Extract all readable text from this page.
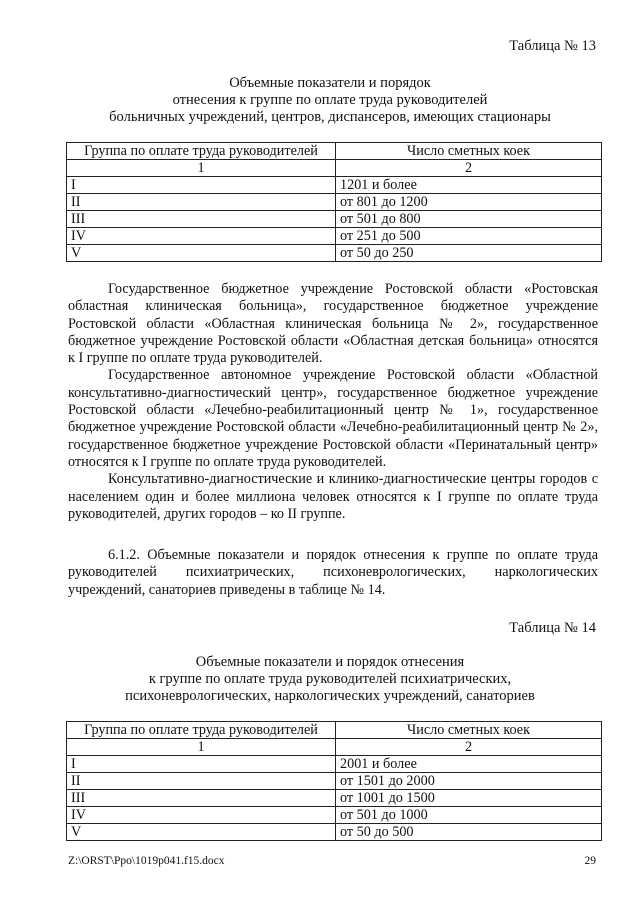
Таблица № 13
Объемные показатели и порядок
отнесения к группе по оплате труда руководителей
больничных учреждений, центров, диспансеров, имеющих стационары
Группа по оплате труда руководителей	Число сметных коек
1	2
I	1201 и более
II	от 801 до 1200
III	от 501 до 800
IV	от 251 до 500
V	от 50 до 250

Государственное бюджетное учреждение Ростовской области «Ростовская областная клиническая больница», государственное бюджетное учреждение Ростовской области «Областная клиническая больница № 2», государственное бюджетное учреждение Ростовской области «Областная детская больница» относятся к I группе по оплате труда руководителей.

Государственное автономное учреждение Ростовской области «Областной консультативно-диагностический центр», государственное бюджетное учреждение Ростовской области «Лечебно-реабилитационный центр № 1», государственное бюджетное учреждение Ростовской области «Лечебно-реабилитационный центр № 2», государственное бюджетное учреждение Ростовской области «Перинатальный центр» относятся к I группе по оплате труда руководителей.

Консультативно-диагностические и клинико-диагностические центры городов с населением один и более миллиона человек относятся к I группе по оплате труда руководителей, других городов – ко II группе.

6.1.2. Объемные показатели и порядок отнесения к группе по оплате труда руководителей психиатрических, психоневрологических, наркологических учреждений, санаториев приведены в таблице № 14.

Таблица № 14
Объемные показатели и порядок отнесения
к группе по оплате труда руководителей психиатрических,
психоневрологических, наркологических учреждений, санаториев
Группа по оплате труда руководителей	Число сметных коек
1	2
I	2001 и более
II	от 1501 до 2000
III	от 1001 до 1500
IV	от 501 до 1000
V	от 50 до 500
Z:\ORST\Ppo\1019p041.f15.docx	29
